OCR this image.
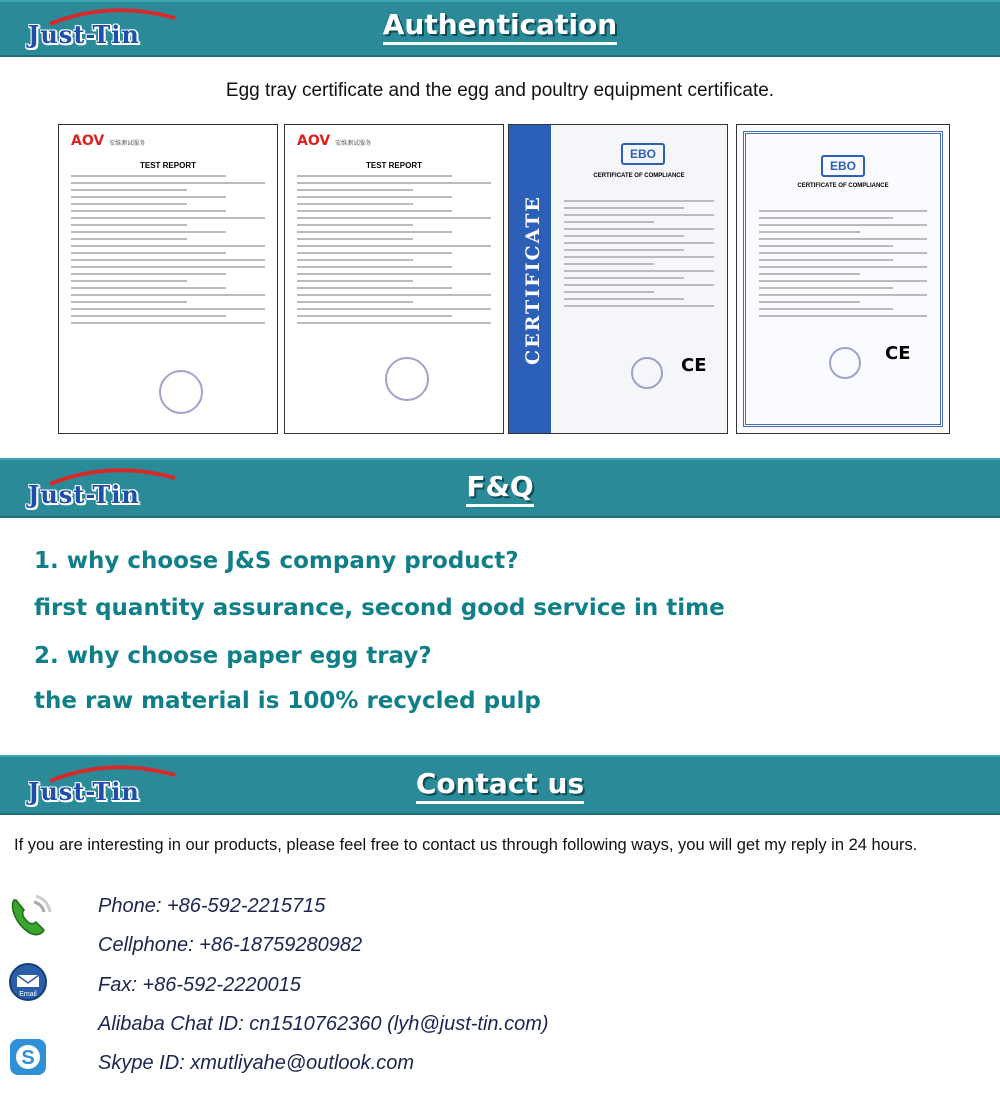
Just-Tin	Authentication
Egg tray certificate and the egg and poultry equipment certificate.
AOV 安维测试服务
TEST REPORT
AOV 安维测试服务
TEST REPORT
CERTIFICATE
EBO
CERTIFICATE OF COMPLIANCE
CE
EBO
CERTIFICATE OF COMPLIANCE
CE
Just-Tin	F&Q
1. why choose J&S company product?
first quantity assurance, second good service in time
2. why choose paper egg tray?
the raw material is 100% recycled pulp
Just-Tin	Contact us
If you are interesting in our products, please feel free to contact us through following ways, you will get my reply in 24 hours.
Email
S
Phone: +86-592-2215715
Cellphone: +86-18759280982
Fax: +86-592-2220015
Alibaba Chat ID: cn1510762360 (lyh@just-tin.com)
Skype ID: xmutliyahe@outlook.com
